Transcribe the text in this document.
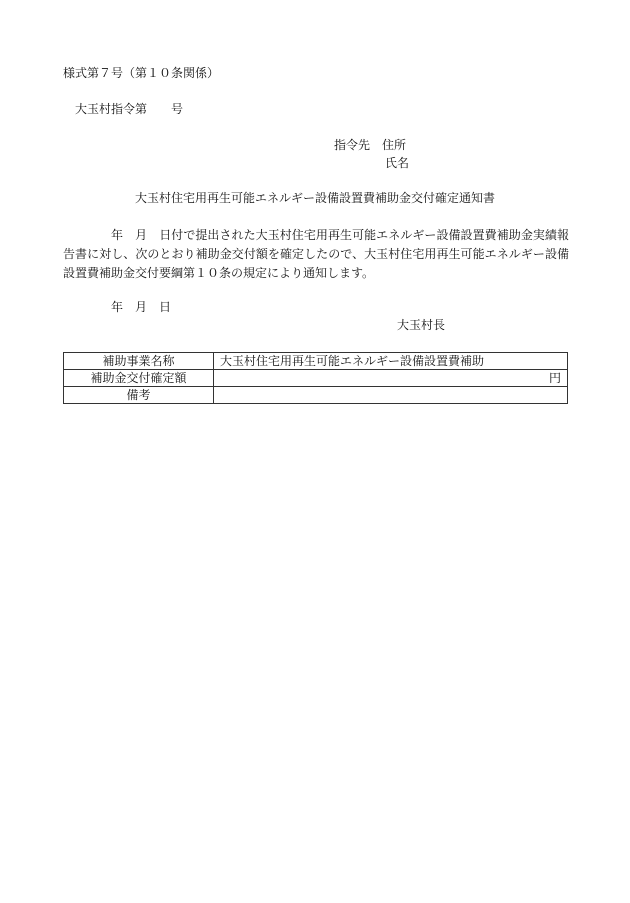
様式第７号（第１０条関係）
大玉村指令第　　号
指令先　住所
氏名
大玉村住宅用再生可能エネルギー設備設置費補助金交付確定通知書
年　月　日付で提出された大玉村住宅用再生可能エネルギー設備設置費補助金実績報告書に対し、次のとおり補助金交付額を確定したので、大玉村住宅用再生可能エネルギー設備設置費補助金交付要綱第１０条の規定により通知します。
年　月　日
大玉村長
補助事業名称	大玉村住宅用再生可能エネルギー設備設置費補助
補助金交付確定額	円
備考	
